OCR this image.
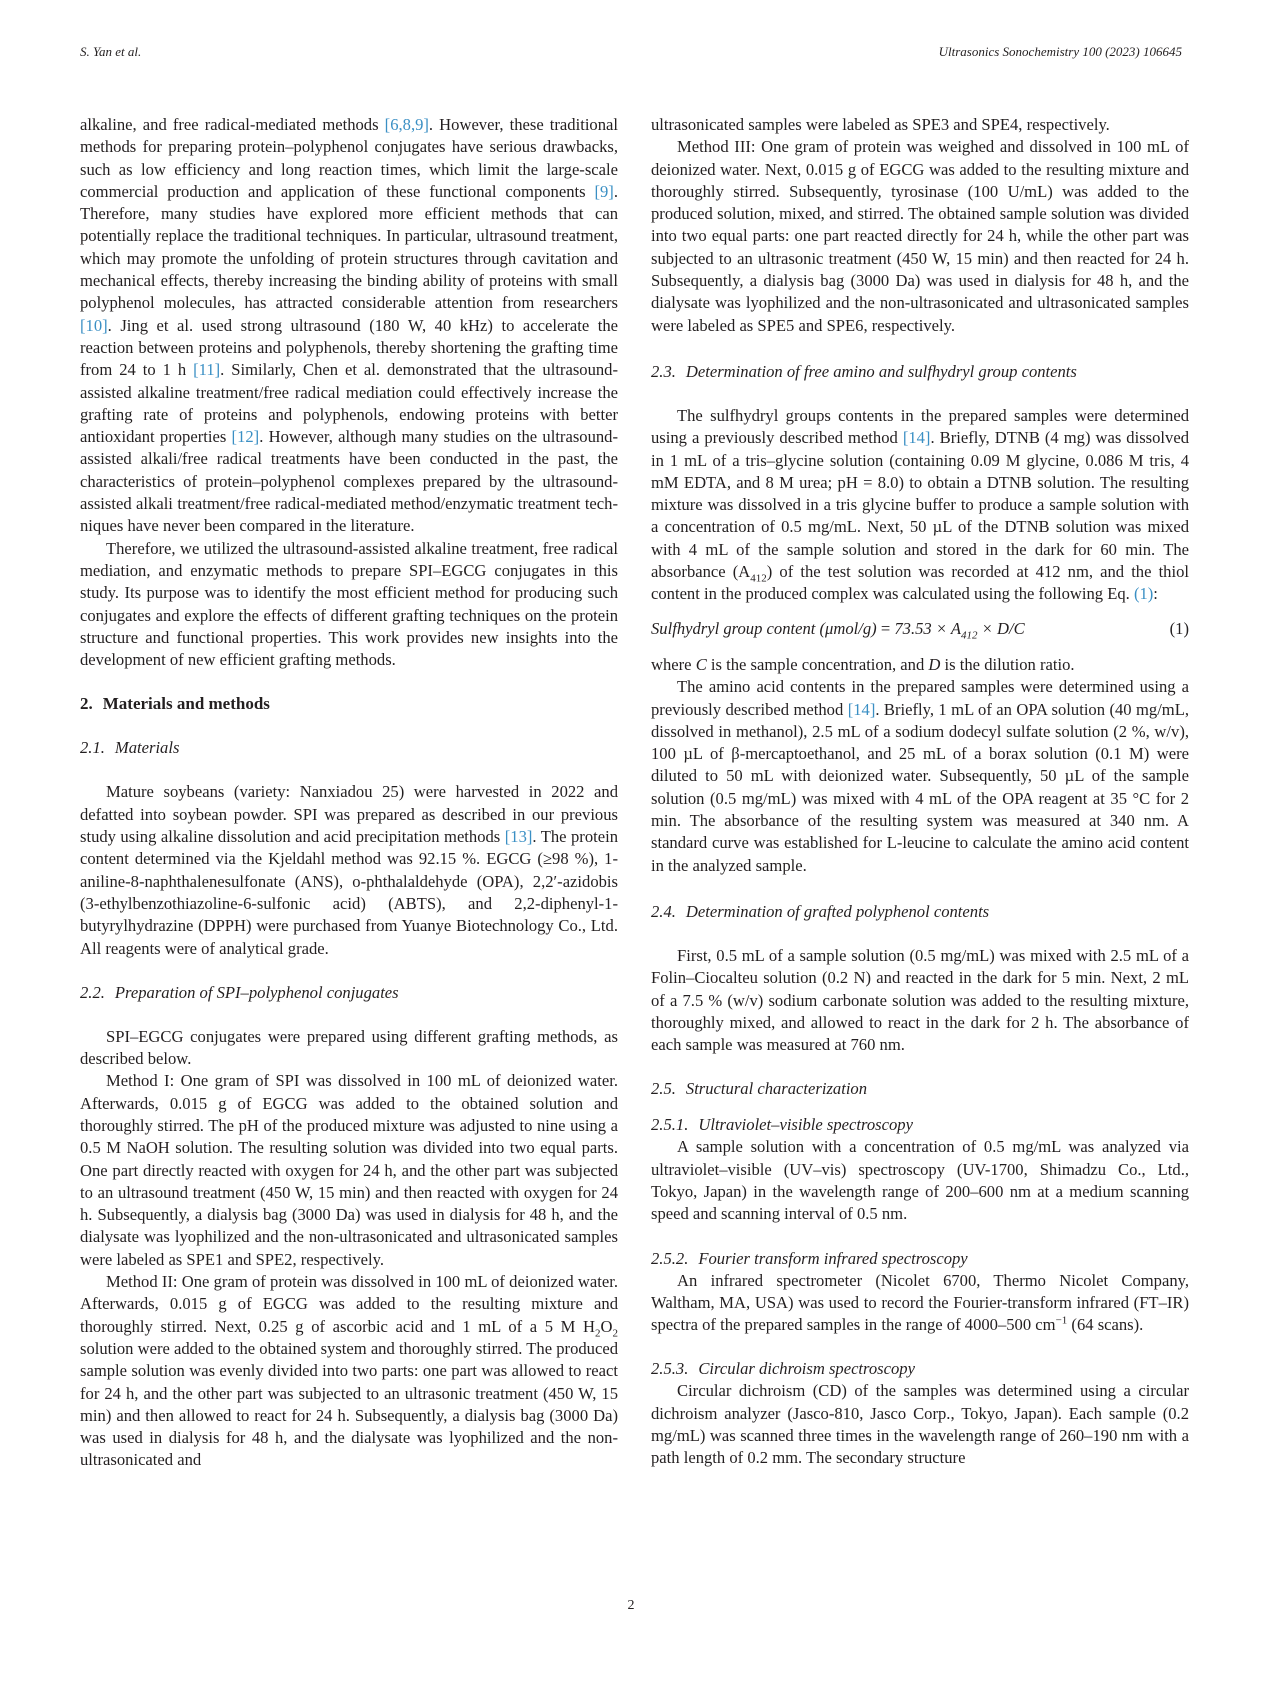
S. Yan et al.	Ultrasonics Sonochemistry 100 (2023) 106645

alkaline, and free radical-mediated methods [6,8,9]. However, these traditional methods for preparing protein–polyphenol conjugates have serious drawbacks, such as low efficiency and long reaction times, which limit the large-scale commercial production and application of these functional components [9]. Therefore, many studies have explored more efficient methods that can potentially replace the traditional techniques. In particular, ultrasound treatment, which may promote the unfolding of protein structures through cavitation and mechanical effects, thereby increasing the binding ability of proteins with small polyphenol molecules, has attracted considerable attention from researchers [10]. Jing et al. used strong ultrasound (180 W, 40 kHz) to accelerate the reaction between proteins and polyphenols, thereby shortening the grafting time from 24 to 1 h [11]. Similarly, Chen et al. demonstrated that the ultrasound-assisted alkaline treatment/free radical mediation could effectively increase the grafting rate of proteins and polyphenols, endowing proteins with better antioxidant properties [12]. However, although many studies on the ultrasound-assisted alkali/free radical treatments have been conducted in the past, the characteristics of protein–polyphenol complexes prepared by the ultrasound-assisted alkali treatment/free radical-mediated method/enzymatic treatment techniques have never been compared in the literature.

Therefore, we utilized the ultrasound-assisted alkaline treatment, free radical mediation, and enzymatic methods to prepare SPI–EGCG conjugates in this study. Its purpose was to identify the most efficient method for producing such conjugates and explore the effects of different grafting techniques on the protein structure and functional properties. This work provides new insights into the development of new efficient grafting methods.

2. Materials and methods
2.1. Materials

Mature soybeans (variety: Nanxiadou 25) were harvested in 2022 and defatted into soybean powder. SPI was prepared as described in our previous study using alkaline dissolution and acid precipitation methods [13]. The protein content determined via the Kjeldahl method was 92.15 %. EGCG (≥98 %), 1-aniline-8-naphthalenesulfonate (ANS), o-phthalaldehyde (OPA), 2,2′-azidobis (3-ethylbenzothiazoline-6-sulfonic acid) (ABTS), and 2,2-diphenyl-1-butyrylhydrazine (DPPH) were purchased from Yuanye Biotechnology Co., Ltd. All reagents were of analytical grade.

2.2. Preparation of SPI–polyphenol conjugates

SPI–EGCG conjugates were prepared using different grafting methods, as described below.

Method I: One gram of SPI was dissolved in 100 mL of deionized water. Afterwards, 0.015 g of EGCG was added to the obtained solution and thoroughly stirred. The pH of the produced mixture was adjusted to nine using a 0.5 M NaOH solution. The resulting solution was divided into two equal parts. One part directly reacted with oxygen for 24 h, and the other part was subjected to an ultrasound treatment (450 W, 15 min) and then reacted with oxygen for 24 h. Subsequently, a dialysis bag (3000 Da) was used in dialysis for 48 h, and the dialysate was lyophilized and the non-ultrasonicated and ultrasonicated samples were labeled as SPE1 and SPE2, respectively.

Method II: One gram of protein was dissolved in 100 mL of deionized water. Afterwards, 0.015 g of EGCG was added to the resulting mixture and thoroughly stirred. Next, 0.25 g of ascorbic acid and 1 mL of a 5 M $H_2O_2$ solution were added to the obtained system and thoroughly stirred. The produced sample solution was evenly divided into two parts: one part was allowed to react for 24 h, and the other part was subjected to an ultrasonic treatment (450 W, 15 min) and then allowed to react for 24 h. Subsequently, a dialysis bag (3000 Da) was used in dialysis for 48 h, and the dialysate was lyophilized and the non-ultrasonicated and

ultrasonicated samples were labeled as SPE3 and SPE4, respectively.

Method III: One gram of protein was weighed and dissolved in 100 mL of deionized water. Next, 0.015 g of EGCG was added to the resulting mixture and thoroughly stirred. Subsequently, tyrosinase (100 U/mL) was added to the produced solution, mixed, and stirred. The obtained sample solution was divided into two equal parts: one part reacted directly for 24 h, while the other part was subjected to an ultrasonic treatment (450 W, 15 min) and then reacted for 24 h. Subsequently, a dialysis bag (3000 Da) was used in dialysis for 48 h, and the dialysate was lyophilized and the non-ultrasonicated and ultrasonicated samples were labeled as SPE5 and SPE6, respectively.

2.3. Determination of free amino and sulfhydryl group contents

The sulfhydryl groups contents in the prepared samples were determined using a previously described method [14]. Briefly, DTNB (4 mg) was dissolved in 1 mL of a tris–glycine solution (containing 0.09 M glycine, 0.086 M tris, 4 mM EDTA, and 8 M urea; pH = 8.0) to obtain a DTNB solution. The resulting mixture was dissolved in a tris glycine buffer to produce a sample solution with a concentration of 0.5 mg/mL. Next, 50 µL of the DTNB solution was mixed with 4 mL of the sample solution and stored in the dark for 60 min. The absorbance $(A_{412})$ of the test solution was recorded at 412 nm, and the thiol content in the produced complex was calculated using the following Eq. (1):

Sulfhydryl group content $(\mu mol/g) = 73.53 \times A_{412} \times D/C$	(1)

where C is the sample concentration, and D is the dilution ratio.

The amino acid contents in the prepared samples were determined using a previously described method [14]. Briefly, 1 mL of an OPA solution (40 mg/mL, dissolved in methanol), 2.5 mL of a sodium dodecyl sulfate solution (2 %, w/v), 100 µL of β-mercaptoethanol, and 25 mL of a borax solution (0.1 M) were diluted to 50 mL with deionized water. Subsequently, 50 µL of the sample solution (0.5 mg/mL) was mixed with 4 mL of the OPA reagent at 35 °C for 2 min. The absorbance of the resulting system was measured at 340 nm. A standard curve was established for L-leucine to calculate the amino acid content in the analyzed sample.

2.4. Determination of grafted polyphenol contents

First, 0.5 mL of a sample solution (0.5 mg/mL) was mixed with 2.5 mL of a Folin–Ciocalteu solution (0.2 N) and reacted in the dark for 5 min. Next, 2 mL of a 7.5 % (w/v) sodium carbonate solution was added to the resulting mixture, thoroughly mixed, and allowed to react in the dark for 2 h. The absorbance of each sample was measured at 760 nm.

2.5. Structural characterization
2.5.1. Ultraviolet–visible spectroscopy

A sample solution with a concentration of 0.5 mg/mL was analyzed via ultraviolet–visible (UV–vis) spectroscopy (UV-1700, Shimadzu Co., Ltd., Tokyo, Japan) in the wavelength range of 200–600 nm at a medium scanning speed and scanning interval of 0.5 nm.

2.5.2. Fourier transform infrared spectroscopy

An infrared spectrometer (Nicolet 6700, Thermo Nicolet Company, Waltham, MA, USA) was used to record the Fourier-transform infrared (FT–IR) spectra of the prepared samples in the range of 4000–500 $cm^{-1}$ (64 scans).

2.5.3. Circular dichroism spectroscopy

Circular dichroism (CD) of the samples was determined using a circular dichroism analyzer (Jasco-810, Jasco Corp., Tokyo, Japan). Each sample (0.2 mg/mL) was scanned three times in the wavelength range of 260–190 nm with a path length of 0.2 mm. The secondary structure

2
